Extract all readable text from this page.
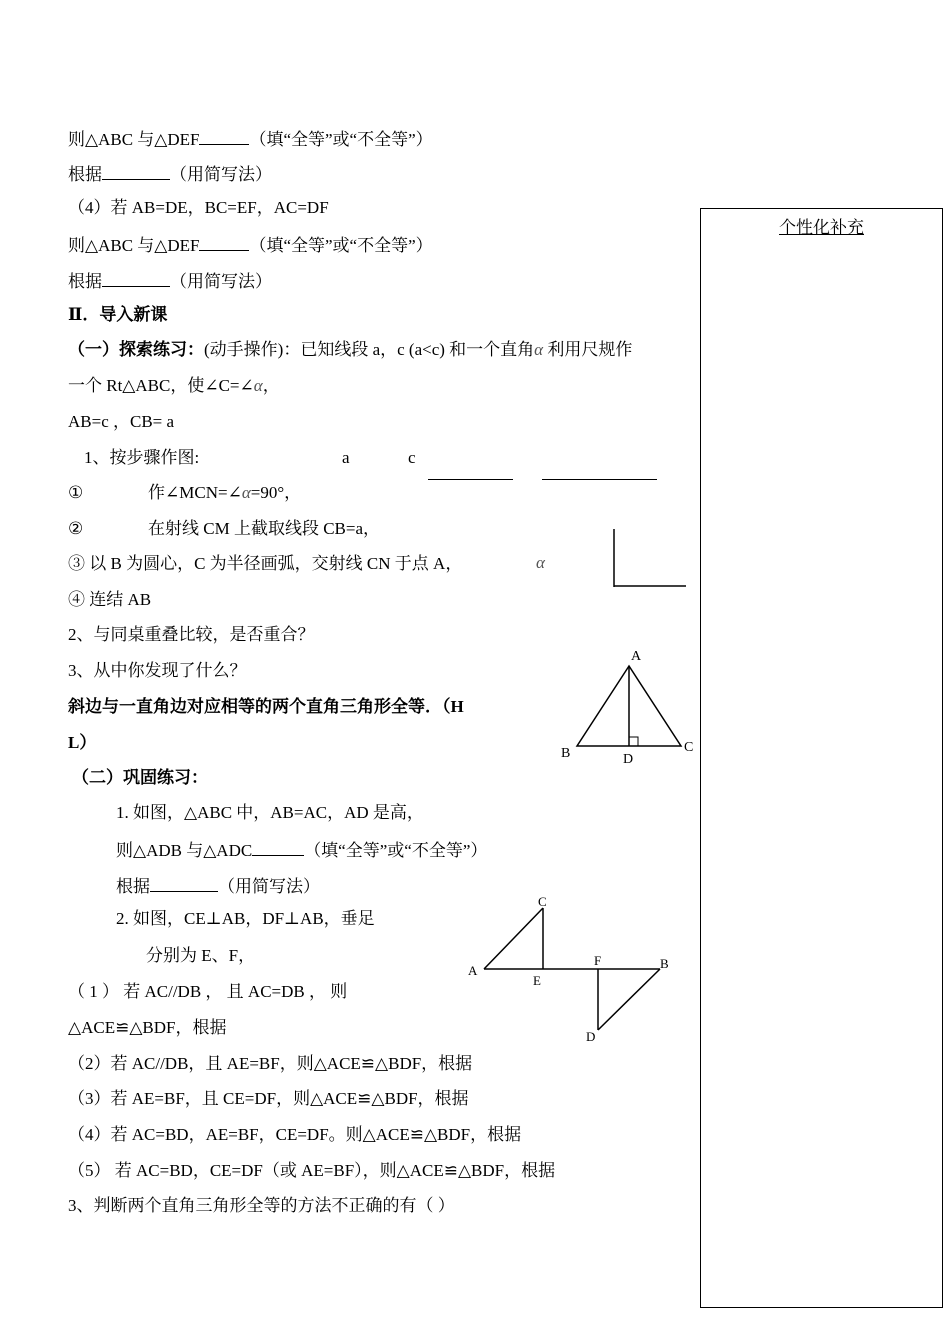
个性化补充
则△ABC 与△DEF	（填“全等”或“不全等”）
根据	（用简写法）
（4）若 AB=DE，BC=EF，AC=DF
则△ABC 与△DEF	（填“全等”或“不全等”）
根据	（用简写法）
Ⅱ．导入新课
（一）探索练习：(动手操作)：已知线段 a，c (a<c) 和一个直角α 利用尺规作
一个 Rt△ABC，使∠C=∠α，
AB=c ，CB= a
1、按步骤作图:	a	c
①	作∠MCN=∠α=90°，
②	在射线 CM 上截取线段 CB=a，
③ 以 B 为圆心，C 为半径画弧，交射线 CN 于点 A，	α
④ 连结 AB
2、与同桌重叠比较，是否重合？
3、从中你发现了什么？
斜边与一直角边对应相等的两个直角三角形全等．（H
L）
A
B	C
D
（二）巩固练习：
1. 如图，△ABC 中，AB=AC，AD 是高，
则△ADB 与△ADC	（填“全等”或“不全等”）
根据	（用简写法）
2. 如图，CE⊥AB，DF⊥AB，垂足
分别为 E、F，
A
C
E
F	B
D
（ 1 ） 若 AC//DB ， 且 AC=DB ， 则
△ACE≌△BDF，根据
（2）若 AC//DB，且 AE=BF，则△ACE≌△BDF，根据
（3）若 AE=BF，且 CE=DF，则△ACE≌△BDF，根据
（4）若 AC=BD，AE=BF，CE=DF。则△ACE≌△BDF，根据
（5） 若 AC=BD，CE=DF（或 AE=BF），则△ACE≌△BDF，根据
3、判断两个直角三角形全等的方法不正确的有（ ）
